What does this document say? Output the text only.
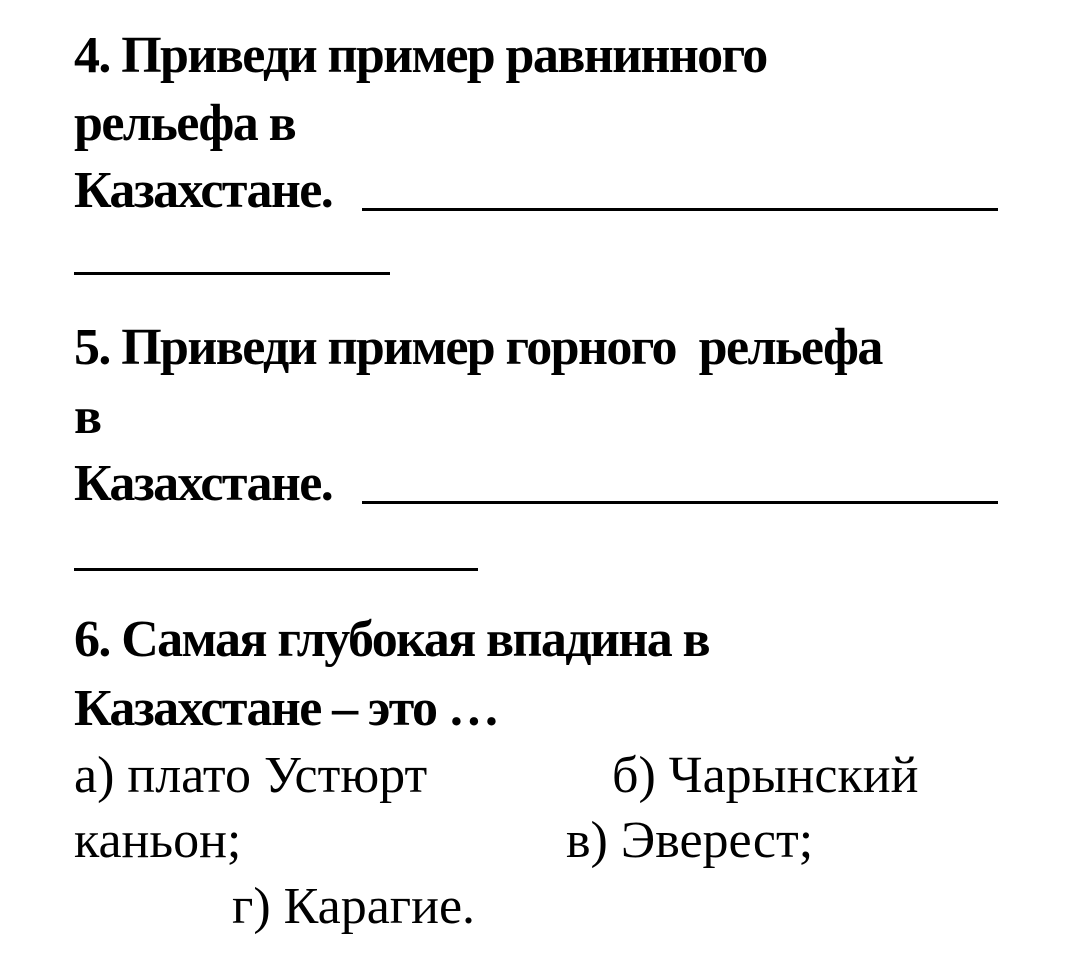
4. Приведи пример равнинного
рельефа в
Казахстане.
5. Приведи пример горного  рельефа
в
Казахстане.
6. Самая глубокая впадина в
Казахстане – это …
а) плато Устюрт	б) Чарынский
каньон;	в) Эверест;
г) Карагие.
